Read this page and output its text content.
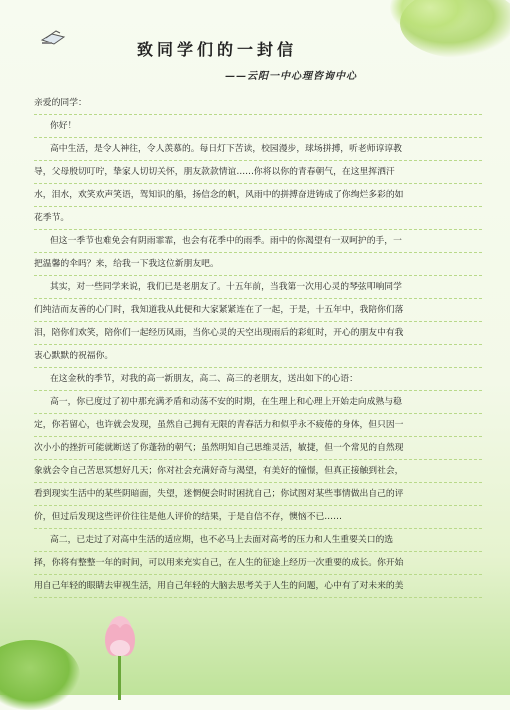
致同学们的一封信
——云阳一中心理咨询中心
亲爱的同学：
你好！
高中生活，是令人神往，令人羡慕的。每日灯下苦读，校园漫步，球场拼搏，听老师谆谆教
导，父母殷切叮咛，挚家人切切关怀，朋友款款情谊……你将以你的青春朝气，在这里挥洒汗
水，泪水，欢笑欢声笑语，驾知识的船，扬信念的帆，风雨中的拼搏奋进铸成了你绚烂多彩的如
花季节。
但这一季节也难免会有阴雨霏霏，也会有花季中的雨季。雨中的你渴望有一双呵护的手，一
把温馨的伞吗？来，给我一下我这位新朋友吧。
其实，对一些同学来说，我们已是老朋友了。十五年前，当我第一次用心灵的琴弦叩响同学
们纯洁而友善的心门时，我知道我从此便和大家紧紧连在了一起，于是，十五年中，我陪你们落
泪，陪你们欢笑，陪你们一起经历风雨，当你心灵的天空出现雨后的彩虹时，开心的朋友中有我
衷心默默的祝福你。
在这金秋的季节，对我的高一新朋友，高二、高三的老朋友，送出如下的心语：
高一，你已度过了初中那充满矛盾和动荡不安的时期，在生理上和心理上开始走向成熟与稳
定，你若留心，也许就会发现，虽然自己拥有无限的青春活力和似乎永不疲倦的身体，但只因一
次小小的挫折可能就断送了你蓬勃的朝气；虽然明知自己思维灵活，敏捷，但一个常见的自然现
象就会令自己苦思冥想好几天；你对社会充满好奇与渴望，有美好的憧憬，但真正接触到社会，
看到现实生活中的某些阴暗面，失望，迷惘便会时时困扰自己；你试图对某些事情做出自己的评
价，但过后发现这些评价往往是他人评价的结果，于是自信不存，懊恼不已……
高二，已走过了对高中生活的适应期，也不必马上去面对高考的压力和人生重要关口的选
择，你将有整整一年的时间，可以用来充实自己，在人生的征途上经历一次重要的成长。你开始
用自己年轻的眼睛去审视生活，用自己年轻的大脑去思考关于人生的问题，心中有了对未来的美
